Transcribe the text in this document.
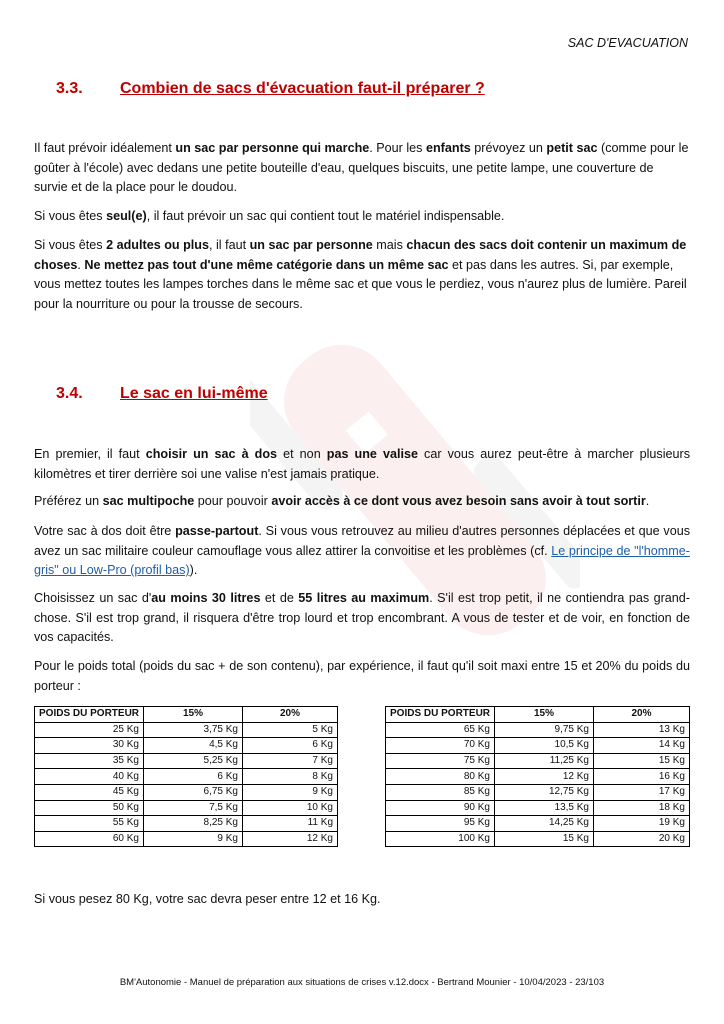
SAC D'EVACUATION
3.3. Combien de sacs d'évacuation faut-il préparer ?

Il faut prévoir idéalement un sac par personne qui marche. Pour les enfants prévoyez un petit sac (comme pour le goûter à l'école) avec dedans une petite bouteille d'eau, quelques biscuits, une petite lampe, une couverture de survie et de la place pour le doudou.

Si vous êtes seul(e), il faut prévoir un sac qui contient tout le matériel indispensable.

Si vous êtes 2 adultes ou plus, il faut un sac par personne mais chacun des sacs doit contenir un maximum de choses. Ne mettez pas tout d'une même catégorie dans un même sac et pas dans les autres. Si, par exemple, vous mettez toutes les lampes torches dans le même sac et que vous le perdiez, vous n'aurez plus de lumière. Pareil pour la nourriture ou pour la trousse de secours.

3.4. Le sac en lui-même

En premier, il faut choisir un sac à dos et non pas une valise car vous aurez peut-être à marcher plusieurs kilomètres et tirer derrière soi une valise n'est jamais pratique.

Préférez un sac multipoche pour pouvoir avoir accès à ce dont vous avez besoin sans avoir à tout sortir.

Votre sac à dos doit être passe-partout. Si vous vous retrouvez au milieu d'autres personnes déplacées et que vous avez un sac militaire couleur camouflage vous allez attirer la convoitise et les problèmes (cf. Le principe de "l'homme-gris" ou Low-Pro (profil bas)).

Choisissez un sac d'au moins 30 litres et de 55 litres au maximum. S'il est trop petit, il ne contiendra pas grand-chose. S'il est trop grand, il risquera d'être trop lourd et trop encombrant. A vous de tester et de voir, en fonction de vos capacités.

Pour le poids total (poids du sac + de son contenu), par expérience, il faut qu'il soit maxi entre 15 et 20% du poids du porteur :

POIDS DU PORTEUR	15%	20%
25 Kg	3,75 Kg	5 Kg
30 Kg	4,5 Kg	6 Kg
35 Kg	5,25 Kg	7 Kg
40 Kg	6 Kg	8 Kg
45 Kg	6,75 Kg	9 Kg
50 Kg	7,5 Kg	10 Kg
55 Kg	8,25 Kg	11 Kg
60 Kg	9 Kg	12 Kg
POIDS DU PORTEUR	15%	20%
65 Kg	9,75 Kg	13 Kg
70 Kg	10,5 Kg	14 Kg
75 Kg	11,25 Kg	15 Kg
80 Kg	12 Kg	16 Kg
85 Kg	12,75 Kg	17 Kg
90 Kg	13,5 Kg	18 Kg
95 Kg	14,25 Kg	19 Kg
100 Kg	15 Kg	20 Kg

Si vous pesez 80 Kg, votre sac devra peser entre 12 et 16 Kg.

BM'Autonomie - Manuel de préparation aux situations de crises v.12.docx - Bertrand Mounier - 10/04/2023 - 23/103
